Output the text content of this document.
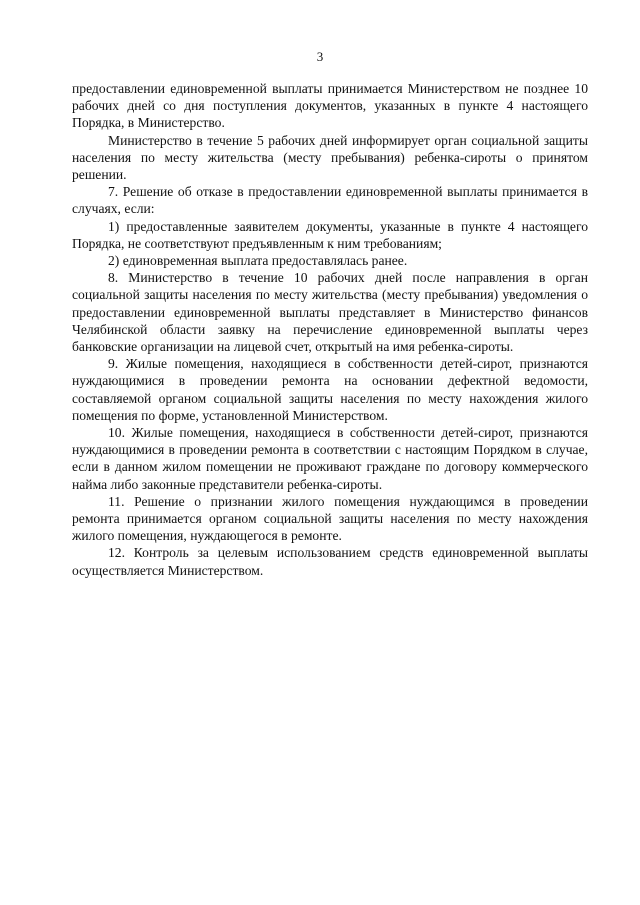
3

предоставлении единовременной выплаты принимается Министерством не позднее 10 рабочих дней со дня поступления документов, указанных в пункте 4 настоящего Порядка, в Министерство.

Министерство в течение 5 рабочих дней информирует орган социальной защиты населения по месту жительства (месту пребывания) ребенка-сироты о принятом решении.

7. Решение об отказе в предоставлении единовременной выплаты принимается в случаях, если:

1) предоставленные заявителем документы, указанные в пункте 4 настоящего Порядка, не соответствуют предъявленным к ним требованиям;

2) единовременная выплата предоставлялась ранее.

8. Министерство в течение 10 рабочих дней после направления в орган социальной защиты населения по месту жительства (месту пребывания) уведомления о предоставлении единовременной выплаты представляет в Министерство финансов Челябинской области заявку на перечисление единовременной выплаты через банковские организации на лицевой счет, открытый на имя ребенка-сироты.

9. Жилые помещения, находящиеся в собственности детей-сирот, признаются нуждающимися в проведении ремонта на основании дефектной ведомости, составляемой органом социальной защиты населения по месту нахождения жилого помещения по форме, установленной Министерством.

10. Жилые помещения, находящиеся в собственности детей-сирот, признаются нуждающимися в проведении ремонта в соответствии с настоящим Порядком в случае, если в данном жилом помещении не проживают граждане по договору коммерческого найма либо законные представители ребенка-сироты.

11. Решение о признании жилого помещения нуждающимся в проведении ремонта принимается органом социальной защиты населения по месту нахождения жилого помещения, нуждающегося в ремонте.

12. Контроль за целевым использованием средств единовременной выплаты осуществляется Министерством.
